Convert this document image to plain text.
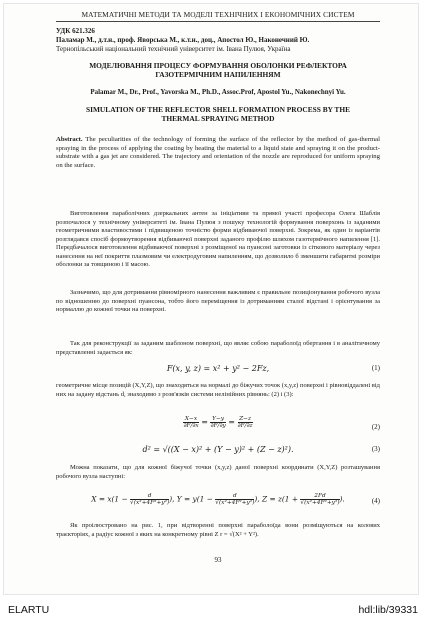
МАТЕМАТИЧНІ МЕТОДИ ТА МОДЕЛІ ТЕХНІЧНИХ І ЕКОНОМІЧНИХ СИСТЕМ
УДК 621.326
Паламар М., д.т.н., проф. Яворська М., к.т.н., доц., Апостол Ю., Наконечний Ю.
Тернопільський національний технічний університет ім. Івана Пулюя, Україна
МОДЕЛЮВАННЯ ПРОЦЕСУ ФОРМУВАННЯ ОБОЛОНКИ РЕФЛЕКТОРА
ГАЗОТЕРМІЧНИМ НАПИЛЕННЯМ
Palamar M., Dr., Prof., Yavorska M., Ph.D., Assoc.Prof, Apostol Yu., Nakonechnyi Yu.
SIMULATION OF THE REFLECTOR SHELL FORMATION PROCESS BY THE
THERMAL SPRAYING METHOD
Abstract. The peculiarities of the technology of forming the surface of the reflector by the method of gas-thermal spraying in the process of applying the coating by heating the material to a liquid state and spraying it on the product-substrate with a gas jet are considered. The trajectory and orientation of the nozzle are reproduced for uniform spraying on the surface.
Виготовлення параболічних дзеркальних антен за ініціативи та прямої участі професора Олега Шаблія розпочалося у технічному університеті ім. Івана Пулюя з пошуку технологій формування поверхонь із заданими геометричними властивостями і підвищеною точністю форми відбиваючої поверхні. Зокрема, як один із варіантів розглядався спосіб формоутворення відбиваючої поверхні заданого профілю шляхом газотермічного напилення [1]. Передбачалося виготовлення відбиваючої поверхні з розміщеної на пуансоні заготовки із сіткового матеріалу через нанесення на неї покриття плазмовим чи електродуговим напиленням, що дозволило б зменшити габаритні розміри оболонки за товщиною і її масою.
Зазначимо, що для дотримання рівномірного нанесення важливим є правильне позиціонування робочого вузла по відношенню до поверхні пуансона, тобто його переміщення із дотриманням сталої відстані і орієнтування за нормаллю до кожної точки на поверхні.
Так для реконструкції за заданим шаблоном поверхні, що являє собою параболоїд обертання і в аналітичному представленні задається як:
F(x, y, z) = x² + y² − 2Fz,	(1)
геометричне місце позицій (X,Y,Z), що знаходяться на нормалі до біжучих точок (x,y,z) поверхні і рівновіддалені від них на задану відстань d, знаходимо з розв'язків системи нелінійних рівнянь: (2) і (3):
$\frac{X-x}{\partial F/\partial x} = \frac{Y-y}{\partial F/\partial y} = \frac{Z-z}{\partial F/\partial z}$	(2)
d² = √((X − x)² + (Y − y)² + (Z − z)²).	(3)
Можна показати, що для кожної біжучої точки (x,y,z) даної поверхні координати (X,Y,Z) розташування робочого вузла наступні:
$X = x(1 - \frac{d}{\text{√(x²+4F²+y²)}}$ ), $Y = y(1 - \frac{d}{\text{√(x²+4F²+y²)}}$ ), $Z = z(1 + \frac{2Fd}{\text{√(x²+4F²+y²)}}$ ).	(4)
Як проілюстровано на рис. 1, при відтворенні поверхні параболоїда вони розміщуються на колових траєкторіях, а радіус кожної з яких на конкретному рівні Z r = √(X² + Y²).
93
ELARTU	hdl:lib/39331
